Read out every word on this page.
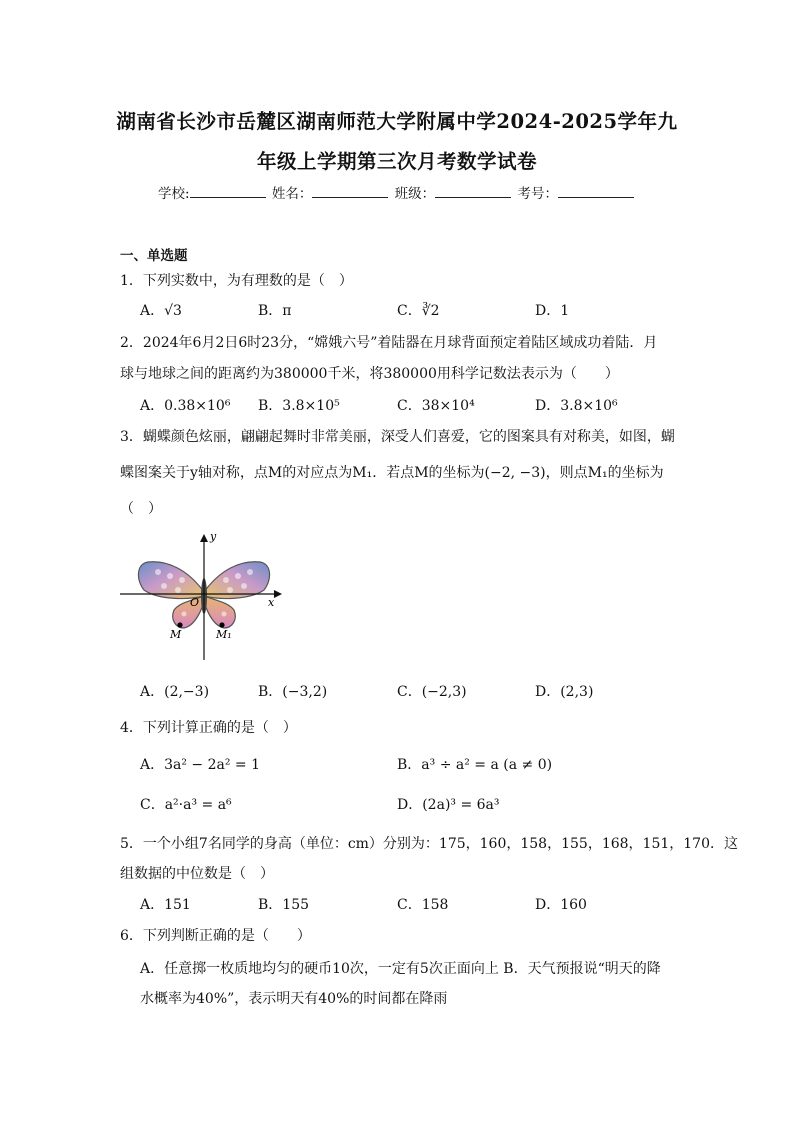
湖南省长沙市岳麓区湖南师范大学附属中学2024-2025学年九
年级上学期第三次月考数学试卷
学校:	姓名：	班级：	考号：
一、单选题
1．下列实数中，为有理数的是（　）
A．√3	B．π	C．∛2	D．1
2．2024年6月2日6时23分，“嫦娥六号”着陆器在月球背面预定着陆区域成功着陆．月
球与地球之间的距离约为380000千米，将380000用科学记数法表示为（　　）
A．0.38×10⁶ B．3.8×10⁵	C．38×10⁴	D．3.8×10⁶
3．蝴蝶颜色炫丽，翩翩起舞时非常美丽，深受人们喜爱，它的图案具有对称美，如图，蝴
蝶图案关于y轴对称，点M的对应点为M₁．若点M的坐标为(−2, −3)，则点M₁的坐标为
（　）
y
x
O
M	M₁
A．(2,−3)	B．(−3,2)	C．(−2,3)	D．(2,3)
4．下列计算正确的是（　）
A．3a² − 2a² = 1	B．a³ ÷ a² = a (a ≠ 0)
C．a²·a³ = a⁶	D．(2a)³ = 6a³
5．一个小组7名同学的身高（单位：cm）分别为：175，160，158，155，168，151，170．这
组数据的中位数是（　）
A．151	B．155	C．158	D．160
6．下列判断正确的是（　　）
A．任意掷一枚质地均匀的硬币10次，一定有5次正面向上 B．天气预报说“明天的降
水概率为40%”，表示明天有40%的时间都在降雨
